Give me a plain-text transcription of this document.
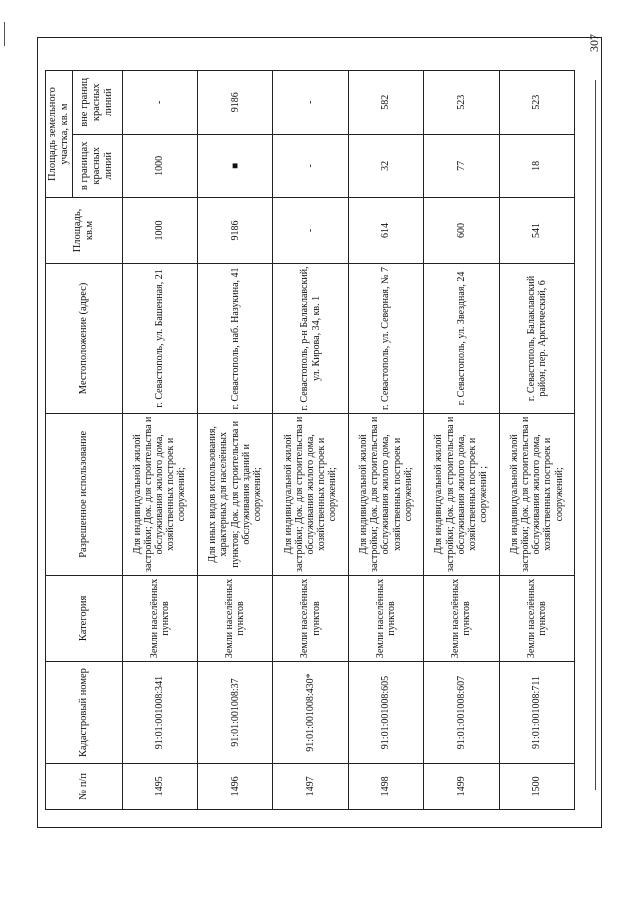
307
№ п/п	Кадастровый номер	Категория	Разрешенное использование	Местоположение (адрес)	Площадь, кв.м	Площадь земельного участка, кв. м	
						в границах красных линий	вне границ красных линий
1495	91:01:001008:341	Земли населённых пунктов	Для индивидуальной жилой застройки; Док. для строительства и обслуживания жилого дома, хозяйственных построек и сооружений;	г. Севастополь, ул. Башенная, 21	1000	1000	-
1496	91:01:001008:37	Земли населённых пунктов	Для иных видов использования, характерных для населённых пунктов; Док. для строительства и обслуживания зданий и сооружений;	г. Севастополь, наб. Назукина, 41	9186	■	9186
1497	91:01:001008:430*	Земли населённых пунктов	Для индивидуальной жилой застройки; Док. для строительства и обслуживания жилого дома, хозяйственных построек и сооружений;	г. Севастополь, р-н Балаклавский, ул. Кирова, 34, кв. 1	-	-	-
1498	91:01:001008:605	Земли населённых пунктов	Для индивидуальной жилой застройки; Док. для строительства и обслуживания жилого дома, хозяйственных построек и сооружений;	г. Севастополь, ул. Северная, № 7	614	32	582
1499	91:01:001008:607	Земли населённых пунктов	Для индивидуальной жилой застройки; Док. для строительства и обслуживания жилого дома, хозяйственных построек и сооружений ;	г. Севастополь, ул. Звездная, 24	600	77	523
1500	91:01:001008:711	Земли населённых пунктов	Для индивидуальной жилой застройки; Док. для строительства и обслуживания жилого дома, хозяйственных построек и сооружений;	г. Севастополь, Балаклавский район, пер. Арктический, 6	541	18	523
